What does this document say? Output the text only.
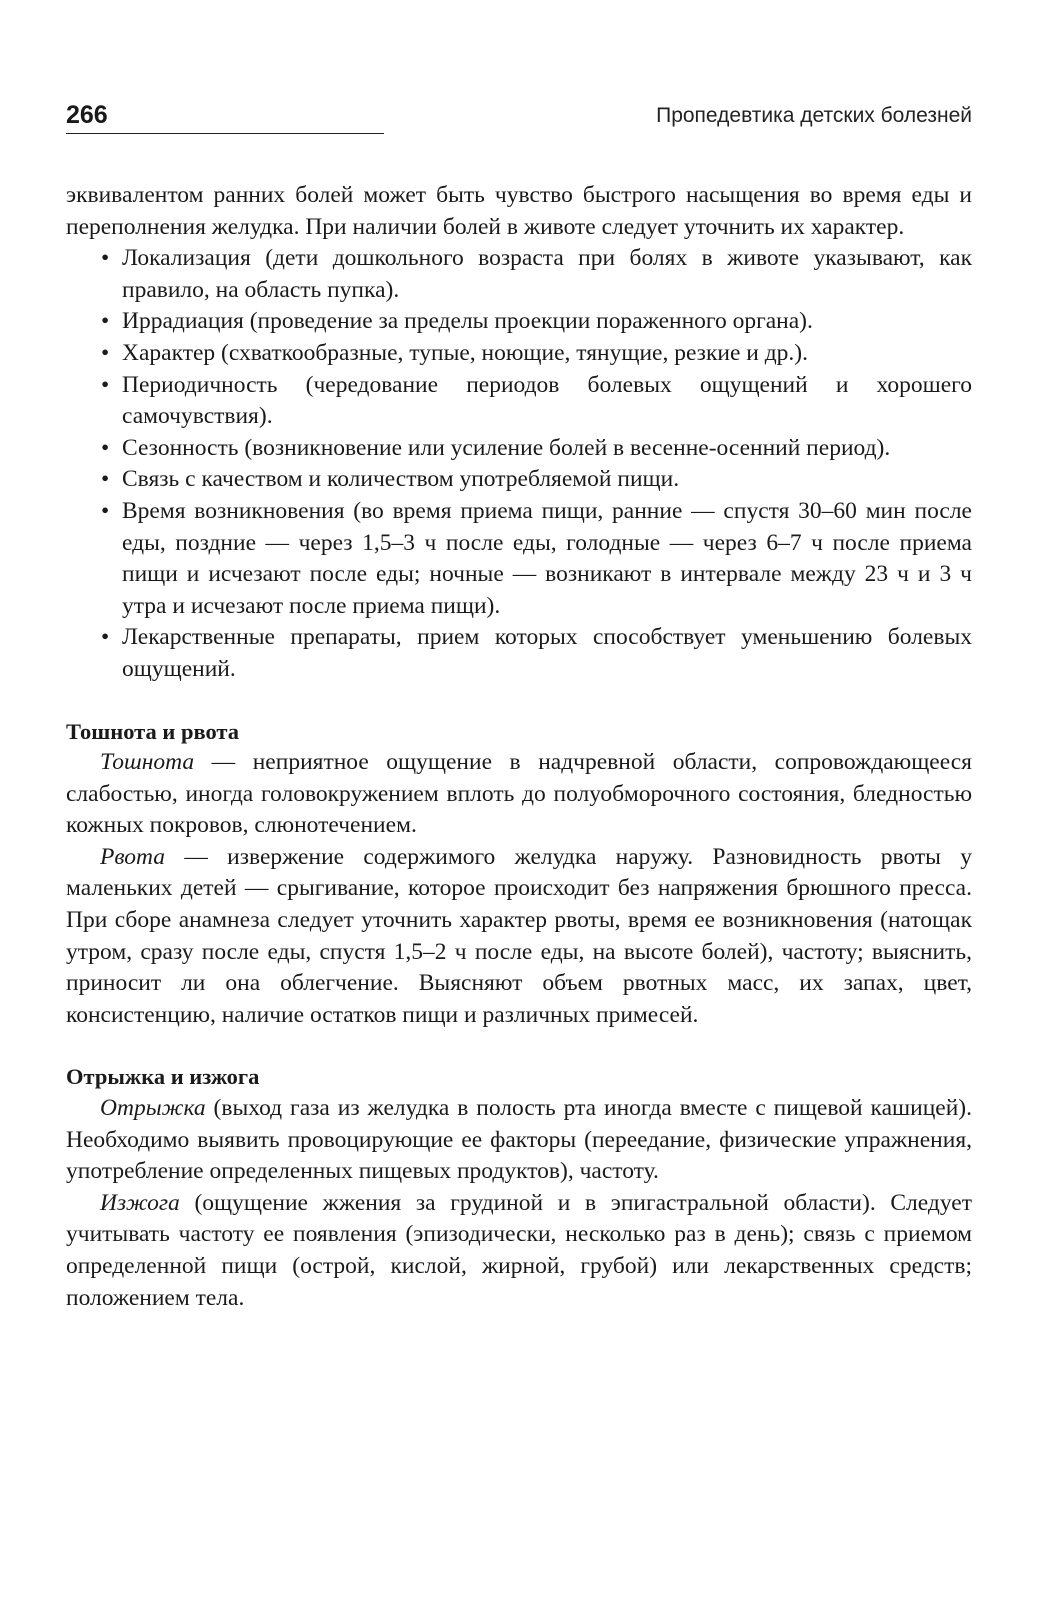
266	Пропедевтика детских болезней

эквивалентом ранних болей может быть чувство быстрого насыщения во время еды и переполнения желудка. При наличии болей в животе следует уточнить их характер.

• Локализация (дети дошкольного возраста при болях в животе указывают, как правило, на область пупка).
• Иррадиация (проведение за пределы проекции пораженного органа).
• Характер (схваткообразные, тупые, ноющие, тянущие, резкие и др.).
• Периодичность (чередование периодов болевых ощущений и хорошего самочувствия).
• Сезонность (возникновение или усиление болей в весенне-осенний период).
• Связь с качеством и количеством употребляемой пищи.
• Время возникновения (во время приема пищи, ранние — спустя 30–60 мин после еды, поздние — через 1,5–3 ч после еды, голодные — через 6–7 ч после приема пищи и исчезают после еды; ночные — возникают в интервале между 23 ч и 3 ч утра и исчезают после приема пищи).
• Лекарственные препараты, прием которых способствует уменьшению болевых ощущений.

Тошнота и рвота

Тошнота — неприятное ощущение в надчревной области, сопровождающееся слабостью, иногда головокружением вплоть до полуобморочного состояния, бледностью кожных покровов, слюнотечением.

Рвота — извержение содержимого желудка наружу. Разновидность рвоты у маленьких детей — срыгивание, которое происходит без напряжения брюшного пресса. При сборе анамнеза следует уточнить характер рвоты, время ее возникновения (натощак утром, сразу после еды, спустя 1,5–2 ч после еды, на высоте болей), частоту; выяснить, приносит ли она облегчение. Выясняют объем рвотных масс, их запах, цвет, консистенцию, наличие остатков пищи и различных примесей.

Отрыжка и изжога

Отрыжка (выход газа из желудка в полость рта иногда вместе с пищевой кашицей). Необходимо выявить провоцирующие ее факторы (переедание, физические упражнения, употребление определенных пищевых продуктов), частоту.

Изжога (ощущение жжения за грудиной и в эпигастральной области). Следует учитывать частоту ее появления (эпизодически, несколько раз в день); связь с приемом определенной пищи (острой, кислой, жирной, грубой) или лекарственных средств; положением тела.
